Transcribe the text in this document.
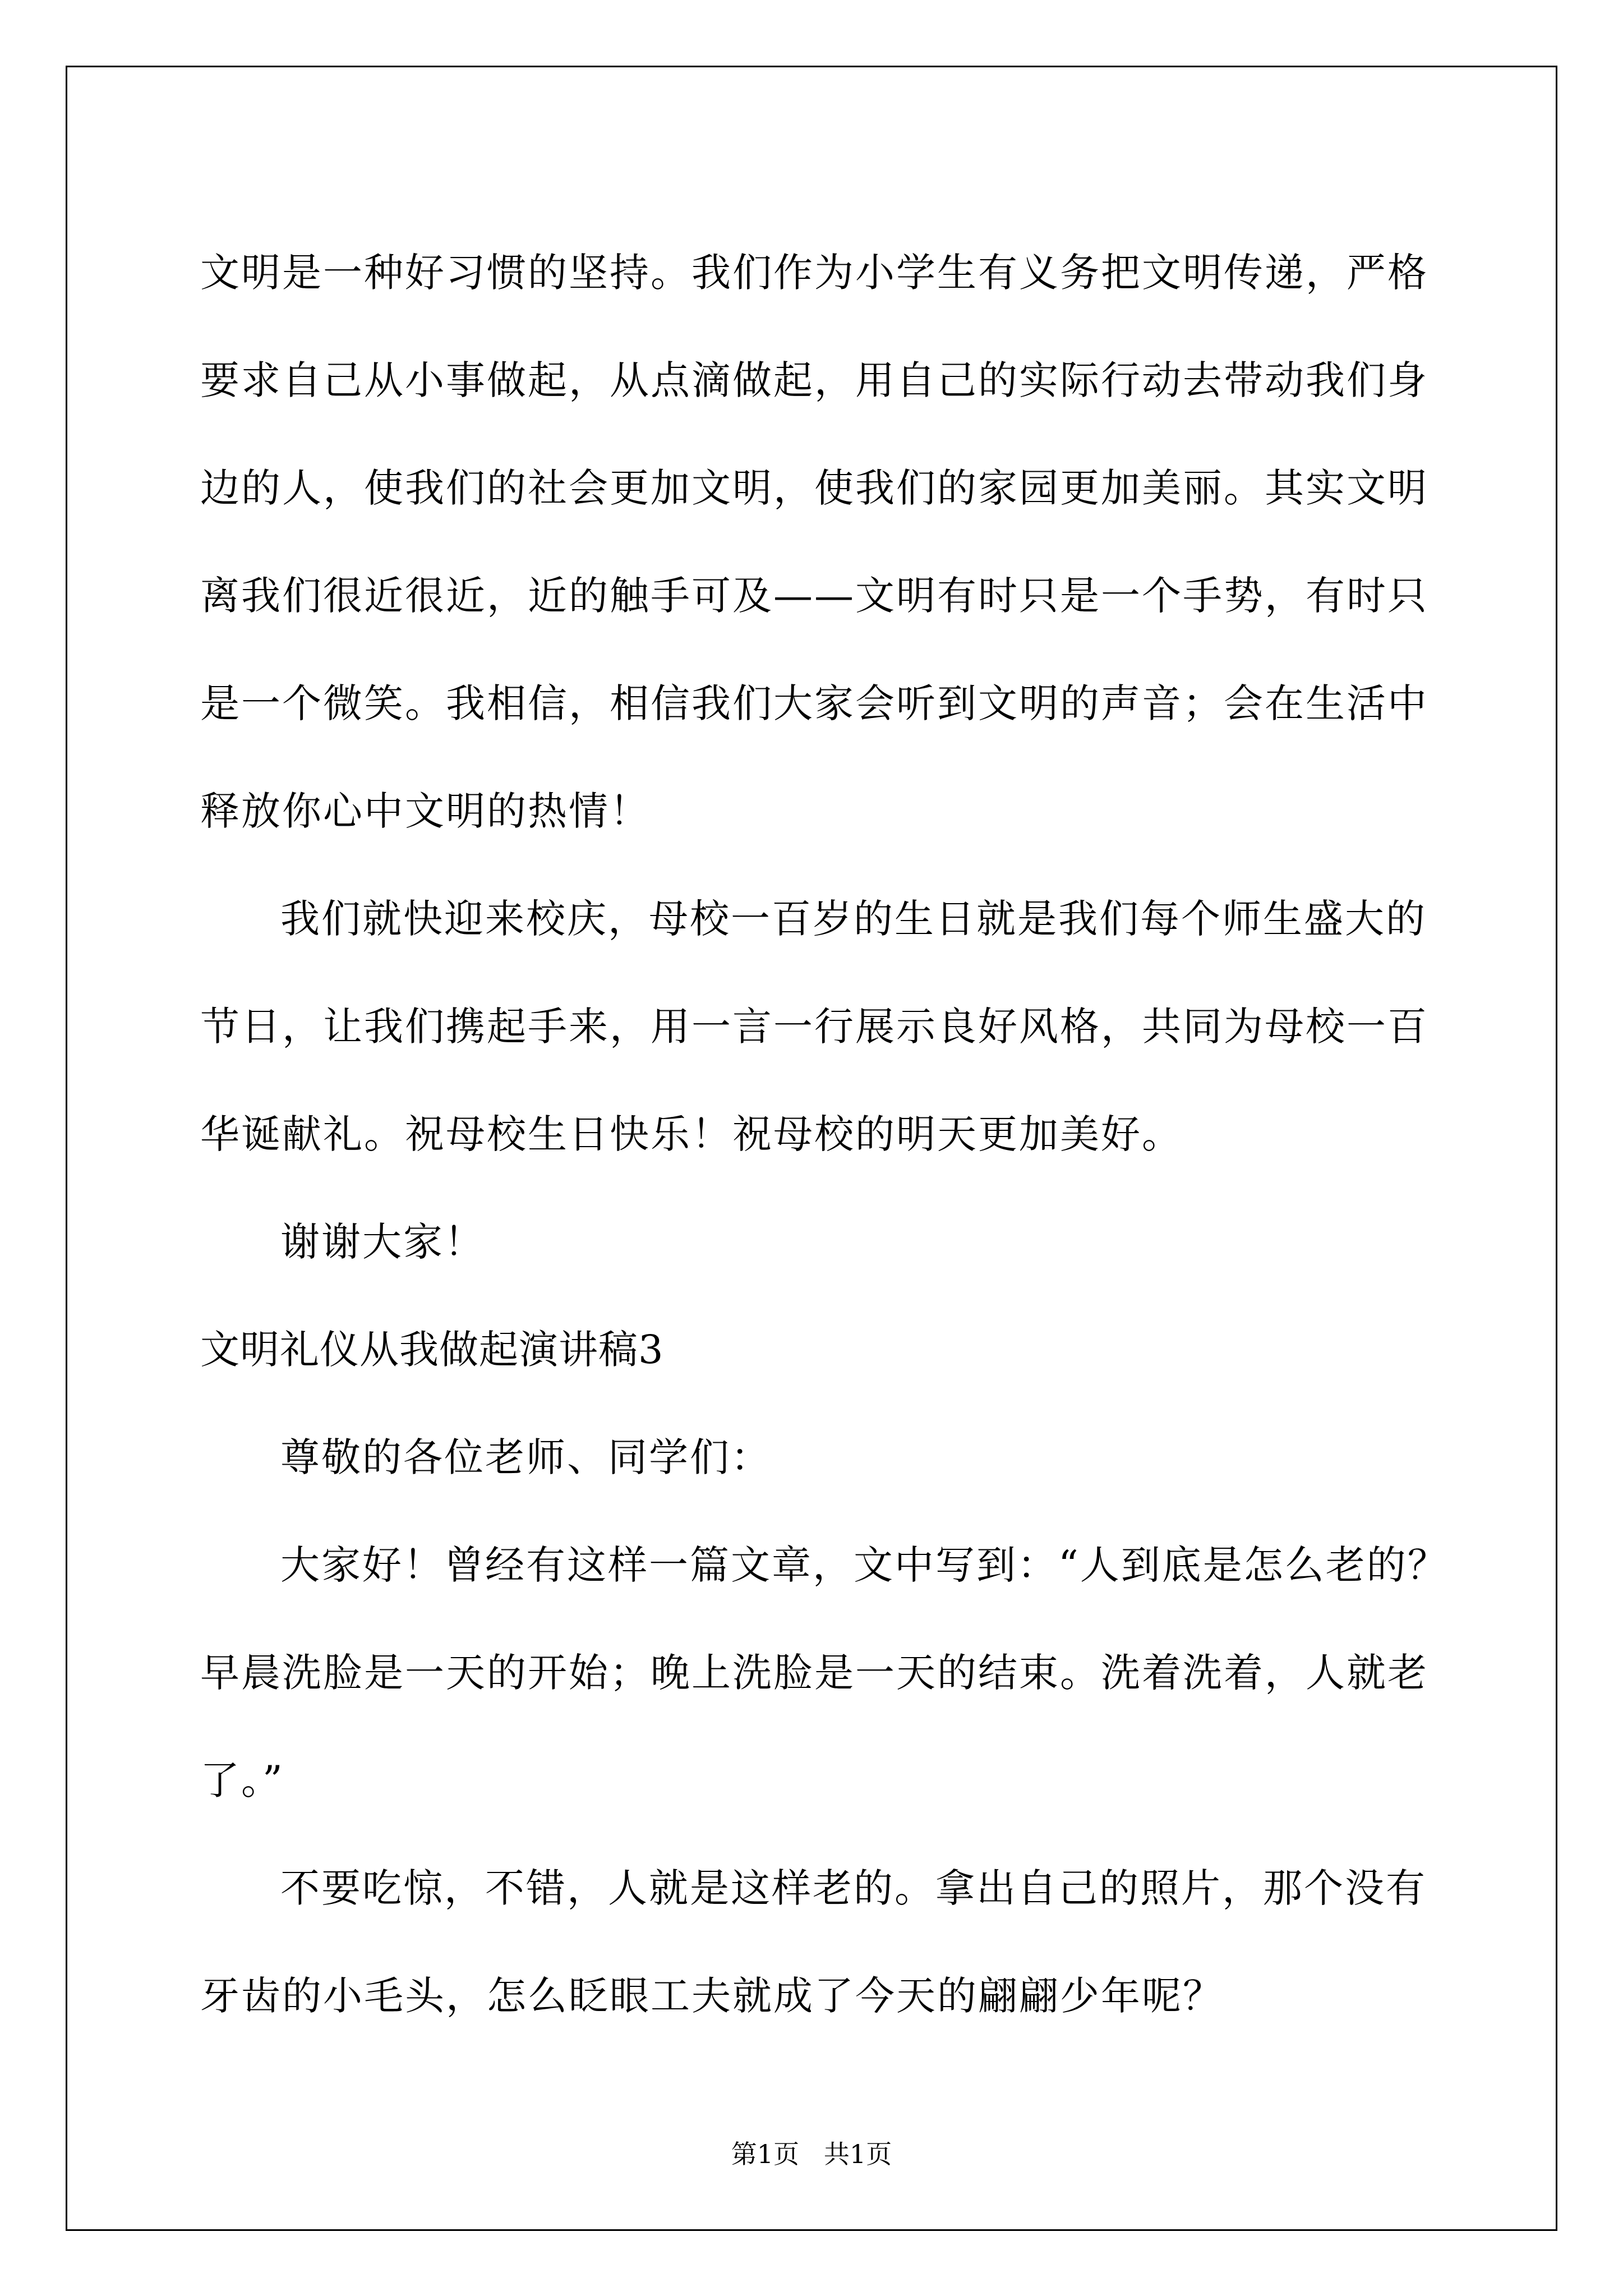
文明是一种好习惯的坚持。我们作为小学生有义务把文明传递，严格
要求自己从小事做起，从点滴做起，用自己的实际行动去带动我们身
边的人，使我们的社会更加文明，使我们的家园更加美丽。其实文明
离我们很近很近，近的触手可及——文明有时只是一个手势，有时只
是一个微笑。我相信，相信我们大家会听到文明的声音；会在生活中
释放你心中文明的热情！
我们就快迎来校庆，母校一百岁的生日就是我们每个师生盛大的
节日，让我们携起手来，用一言一行展示良好风格，共同为母校一百
华诞献礼。祝母校生日快乐！祝母校的明天更加美好。
谢谢大家！
文明礼仪从我做起演讲稿3
尊敬的各位老师、同学们：
大家好！曾经有这样一篇文章，文中写到：“人到底是怎么老的？
早晨洗脸是一天的开始；晚上洗脸是一天的结束。洗着洗着，人就老
了。”
不要吃惊，不错，人就是这样老的。拿出自己的照片，那个没有
牙齿的小毛头，怎么眨眼工夫就成了今天的翩翩少年呢？
第1页   共1页
